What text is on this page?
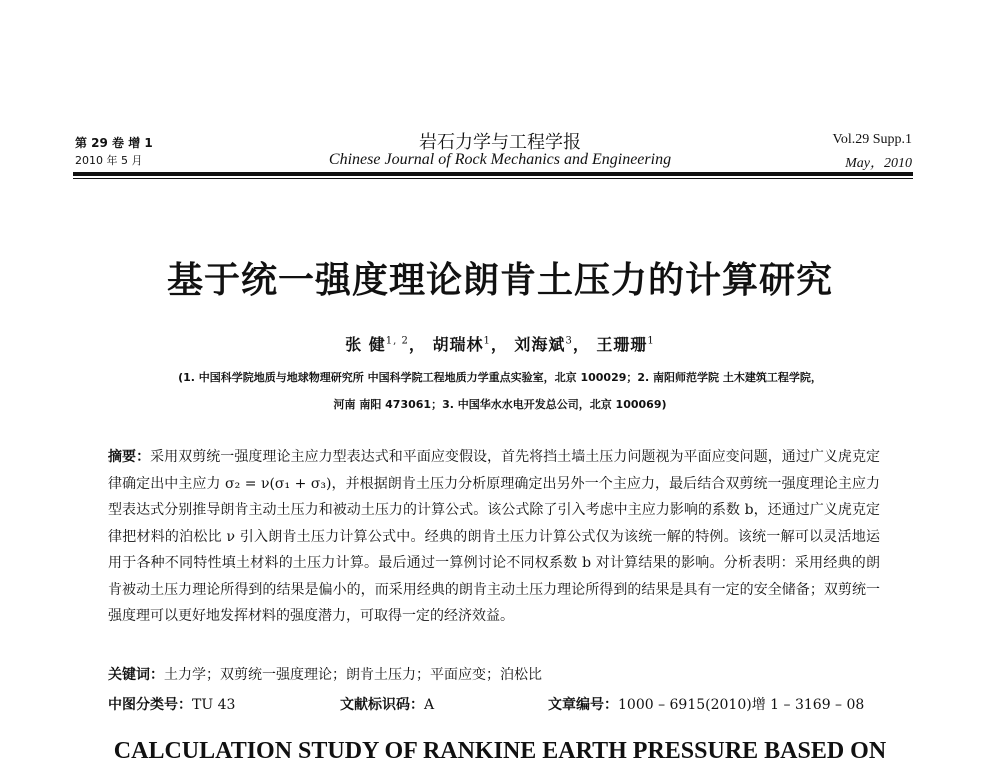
第 29 卷 增 1
2010 年 5 月
岩石力学与工程学报
Chinese Journal of Rock Mechanics and Engineering
Vol.29 Supp.1
May，2010
基于统一强度理论朗肯土压力的计算研究
张 健$^{1, 2}$， 胡瑞林$^1$， 刘海斌$^3$， 王珊珊$^1$
(1. 中国科学院地质与地球物理研究所 中国科学院工程地质力学重点实验室，北京 100029；2. 南阳师范学院 土木建筑工程学院，
河南 南阳 473061；3. 中国华水水电开发总公司，北京 100069)
摘要：采用双剪统一强度理论主应力型表达式和平面应变假设，首先将挡土墙土压力问题视为平面应变问题，通过广义虎克定律确定出中主应力 σ₂ = ν(σ₁ + σ₃)，并根据朗肯土压力分析原理确定出另外一个主应力，最后结合双剪统一强度理论主应力型表达式分别推导朗肯主动土压力和被动土压力的计算公式。该公式除了引入考虑中主应力影响的系数 b，还通过广义虎克定律把材料的泊松比 ν 引入朗肯土压力计算公式中。经典的朗肯土压力计算公式仅为该统一解的特例。该统一解可以灵活地运用于各种不同特性填土材料的土压力计算。最后通过一算例讨论不同权系数 b 对计算结果的影响。分析表明：采用经典的朗肯被动土压力理论所得到的结果是偏小的，而采用经典的朗肯主动土压力理论所得到的结果是具有一定的安全储备；双剪统一强度理可以更好地发挥材料的强度潜力，可取得一定的经济效益。
关键词：土力学；双剪统一强度理论；朗肯土压力；平面应变；泊松比
中图分类号：TU 43	文献标识码：A	文章编号：1000 – 6915(2010)增 1 – 3169 – 08
CALCULATION STUDY OF RANKINE EARTH PRESSURE BASED ON
